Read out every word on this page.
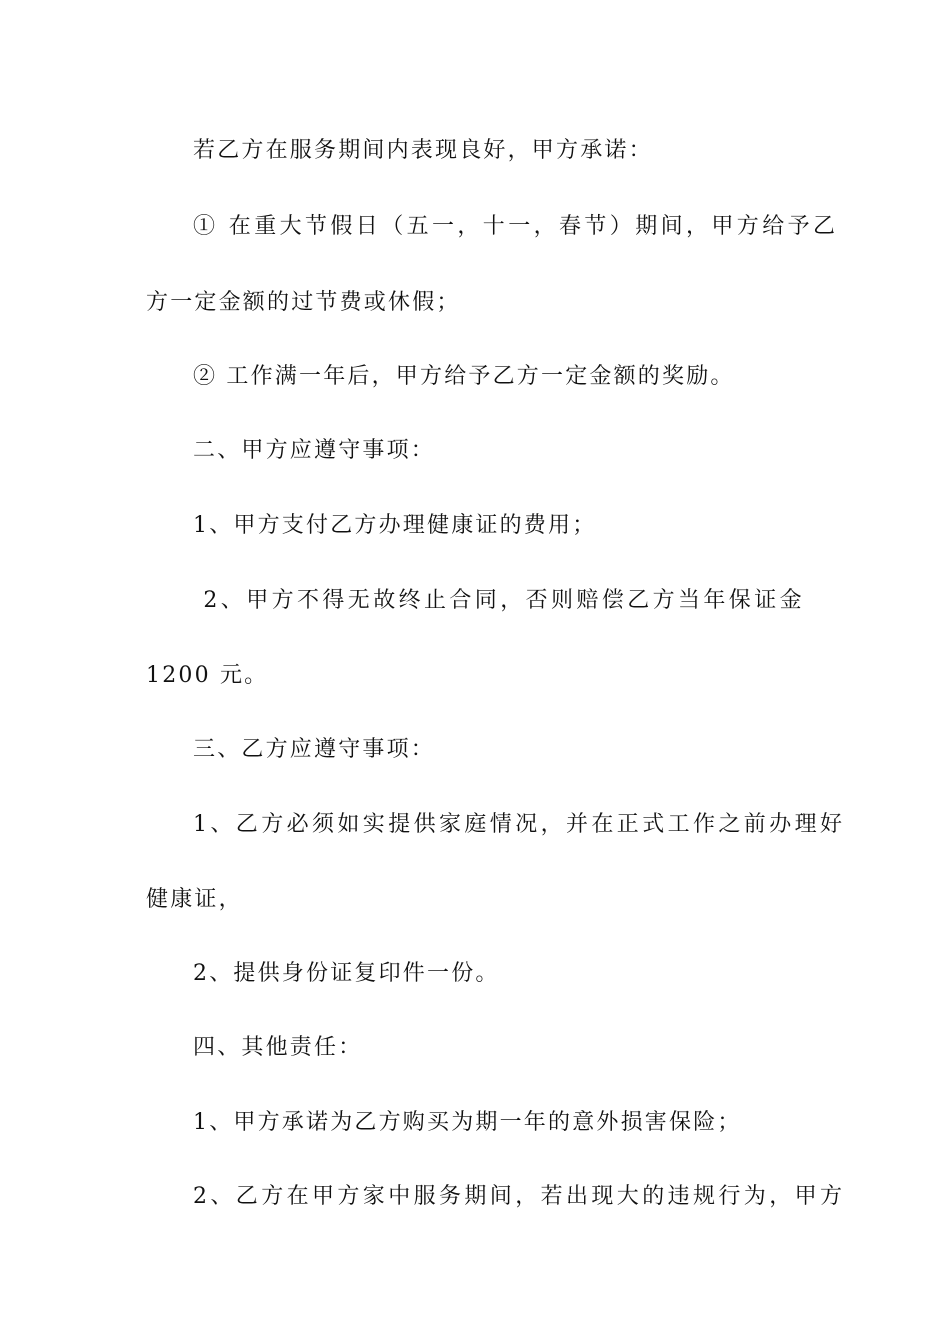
若乙方在服务期间内表现良好，甲方承诺：
① 在重大节假日（五一，十一，春节）期间，甲方给予乙
方一定金额的过节费或休假；
② 工作满一年后，甲方给予乙方一定金额的奖励。
二、甲方应遵守事项：
1、甲方支付乙方办理健康证的费用；
2、甲方不得无故终止合同，否则赔偿乙方当年保证金
1200 元。
三、乙方应遵守事项：
1、乙方必须如实提供家庭情况，并在正式工作之前办理好
健康证，
2、提供身份证复印件一份。
四、其他责任：
1、甲方承诺为乙方购买为期一年的意外损害保险；
2、乙方在甲方家中服务期间，若出现大的违规行为，甲方
